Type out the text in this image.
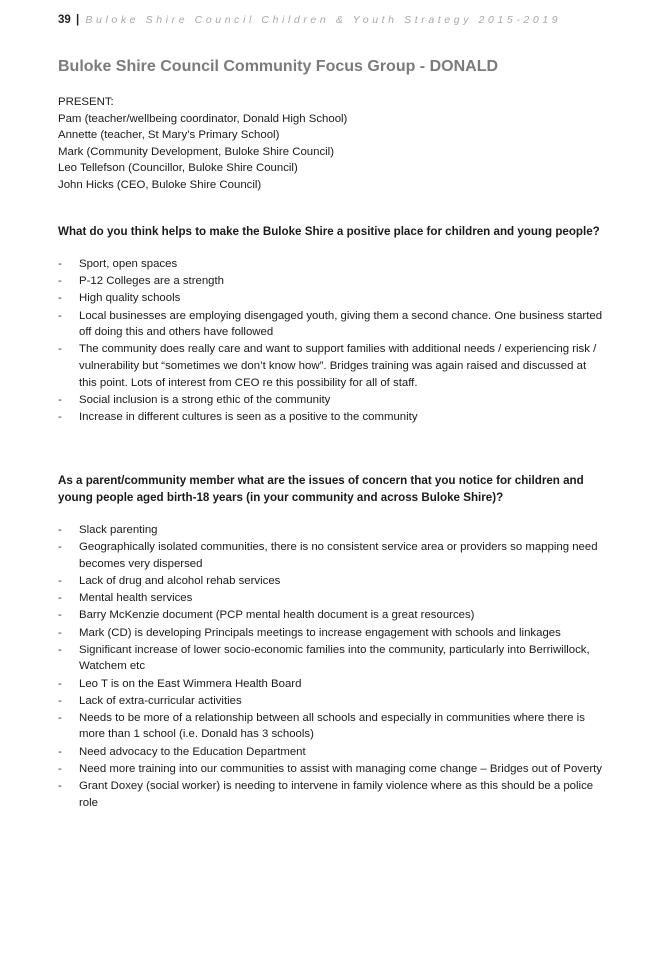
39 | Buloke Shire Council Children & Youth Strategy 2015-2019
Buloke Shire Council Community Focus Group - DONALD
PRESENT:
Pam (teacher/wellbeing coordinator, Donald High School)
Annette (teacher, St Mary’s Primary School)
Mark (Community Development, Buloke Shire Council)
Leo Tellefson (Councillor, Buloke Shire Council)
John Hicks (CEO, Buloke Shire Council)
What do you think helps to make the Buloke Shire a positive place for children and young people?
- Sport, open spaces
- P-12 Colleges are a strength
- High quality schools
- Local businesses are employing disengaged youth, giving them a second chance. One business started off doing this and others have followed
- The community does really care and want to support families with additional needs / experiencing risk / vulnerability but “sometimes we don’t know how”. Bridges training was again raised and discussed at this point. Lots of interest from CEO re this possibility for all of staff.
- Social inclusion is a strong ethic of the community
- Increase in different cultures is seen as a positive to the community
As a parent/community member what are the issues of concern that you notice for children and young people aged birth-18 years (in your community and across Buloke Shire)?
- Slack parenting
- Geographically isolated communities, there is no consistent service area or providers so mapping need becomes very dispersed
- Lack of drug and alcohol rehab services
- Mental health services
- Barry McKenzie document (PCP mental health document is a great resources)
- Mark (CD) is developing Principals meetings to increase engagement with schools and linkages
- Significant increase of lower socio-economic families into the community, particularly into Berriwillock, Watchem etc
- Leo T is on the East Wimmera Health Board
- Lack of extra-curricular activities
- Needs to be more of a relationship between all schools and especially in communities where there is more than 1 school (i.e. Donald has 3 schools)
- Need advocacy to the Education Department
- Need more training into our communities to assist with managing come change – Bridges out of Poverty
- Grant Doxey (social worker) is needing to intervene in family violence where as this should be a police role
